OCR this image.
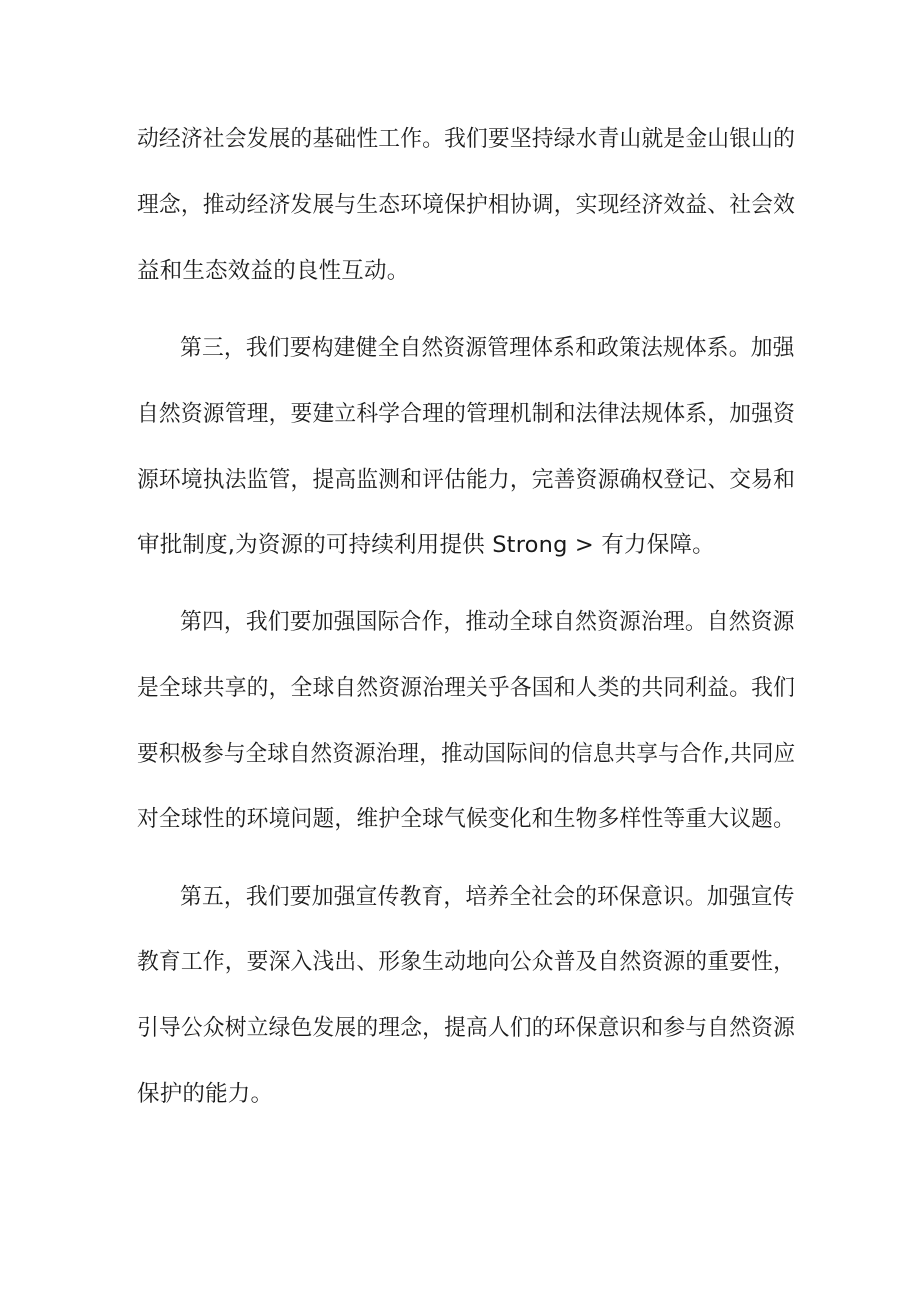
动经济社会发展的基础性工作。我们要坚持绿水青山就是金山银山的
理念，推动经济发展与生态环境保护相协调，实现经济效益、社会效
益和生态效益的良性互动。
第三，我们要构建健全自然资源管理体系和政策法规体系。加强
自然资源管理，要建立科学合理的管理机制和法律法规体系，加强资
源环境执法监管，提高监测和评估能力，完善资源确权登记、交易和
审批制度,为资源的可持续利用提供 Strong > 有力保障。
第四，我们要加强国际合作，推动全球自然资源治理。自然资源
是全球共享的，全球自然资源治理关乎各国和人类的共同利益。我们
要积极参与全球自然资源治理，推动国际间的信息共享与合作,共同应
对全球性的环境问题，维护全球气候变化和生物多样性等重大议题。
第五，我们要加强宣传教育，培养全社会的环保意识。加强宣传
教育工作，要深入浅出、形象生动地向公众普及自然资源的重要性，
引导公众树立绿色发展的理念，提高人们的环保意识和参与自然资源
保护的能力。
